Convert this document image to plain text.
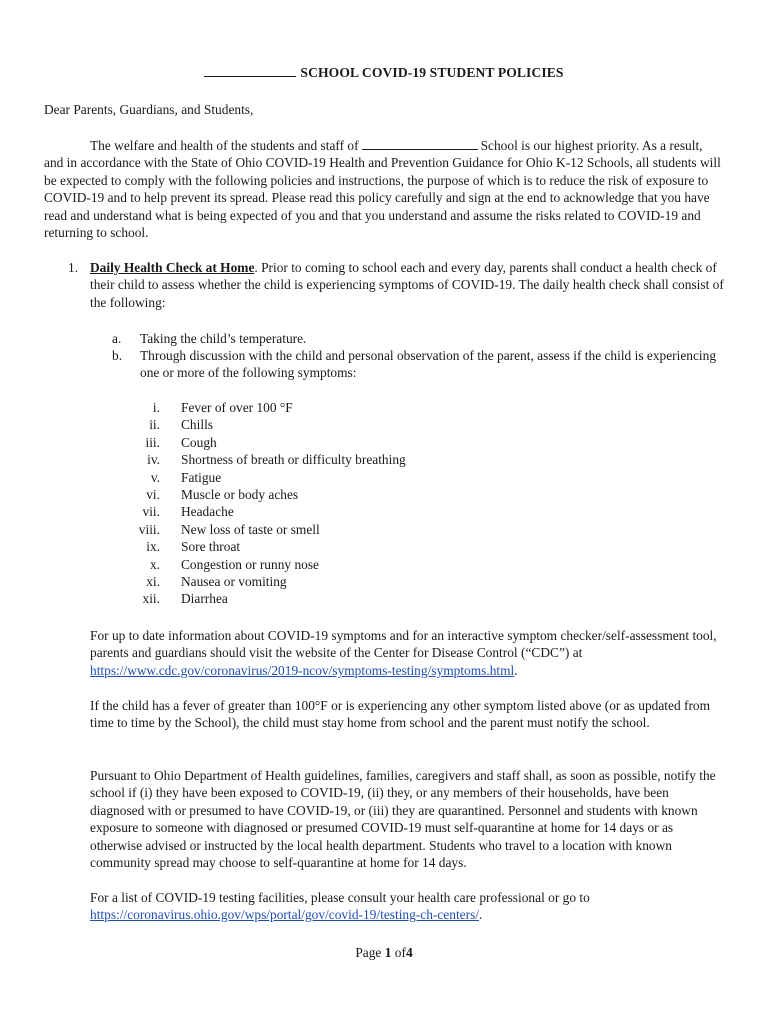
SCHOOL COVID-19 STUDENT POLICIES
Dear Parents, Guardians, and Students,

The welfare and health of the students and staff of	School is our highest priority. As a result, and in accordance with the State of Ohio COVID-19 Health and Prevention Guidance for Ohio K-12 Schools, all students will be expected to comply with the following policies and instructions, the purpose of which is to reduce the risk of exposure to COVID-19 and to help prevent its spread. Please read this policy carefully and sign at the end to acknowledge that you have read and understand what is being expected of you and that you understand and assume the risks related to COVID-19 and returning to school.

1. Daily Health Check at Home. Prior to coming to school each and every day, parents shall conduct a health check of their child to assess whether the child is experiencing symptoms of COVID-19. The daily health check shall consist of the following:
a. Taking the child’s temperature.
b. Through discussion with the child and personal observation of the parent, assess if the child is experiencing one or more of the following symptoms:
i. Fever of over 100 °F
ii. Chills
iii. Cough
iv. Shortness of breath or difficulty breathing
v. Fatigue
vi. Muscle or body aches
vii. Headache
viii. New loss of taste or smell
ix. Sore throat
x. Congestion or runny nose
xi. Nausea or vomiting
xii. Diarrhea

For up to date information about COVID-19 symptoms and for an interactive symptom checker/self-assessment tool, parents and guardians should visit the website of the Center for Disease Control (“CDC”) at https://www.cdc.gov/coronavirus/2019-ncov/symptoms-testing/symptoms.html.

If the child has a fever of greater than 100°F or is experiencing any other symptom listed above (or as updated from time to time by the School), the child must stay home from school and the parent must notify the school.

Pursuant to Ohio Department of Health guidelines, families, caregivers and staff shall, as soon as possible, notify the school if (i) they have been exposed to COVID-19, (ii) they, or any members of their households, have been diagnosed with or presumed to have COVID-19, or (iii) they are quarantined. Personnel and students with known exposure to someone with diagnosed or presumed COVID-19 must self-quarantine at home for 14 days or as otherwise advised or instructed by the local health department. Students who travel to a location with known community spread may choose to self-quarantine at home for 14 days.

For a list of COVID-19 testing facilities, please consult your health care professional or go to https://coronavirus.ohio.gov/wps/portal/gov/covid-19/testing-ch-centers/.

Page 1 of4
